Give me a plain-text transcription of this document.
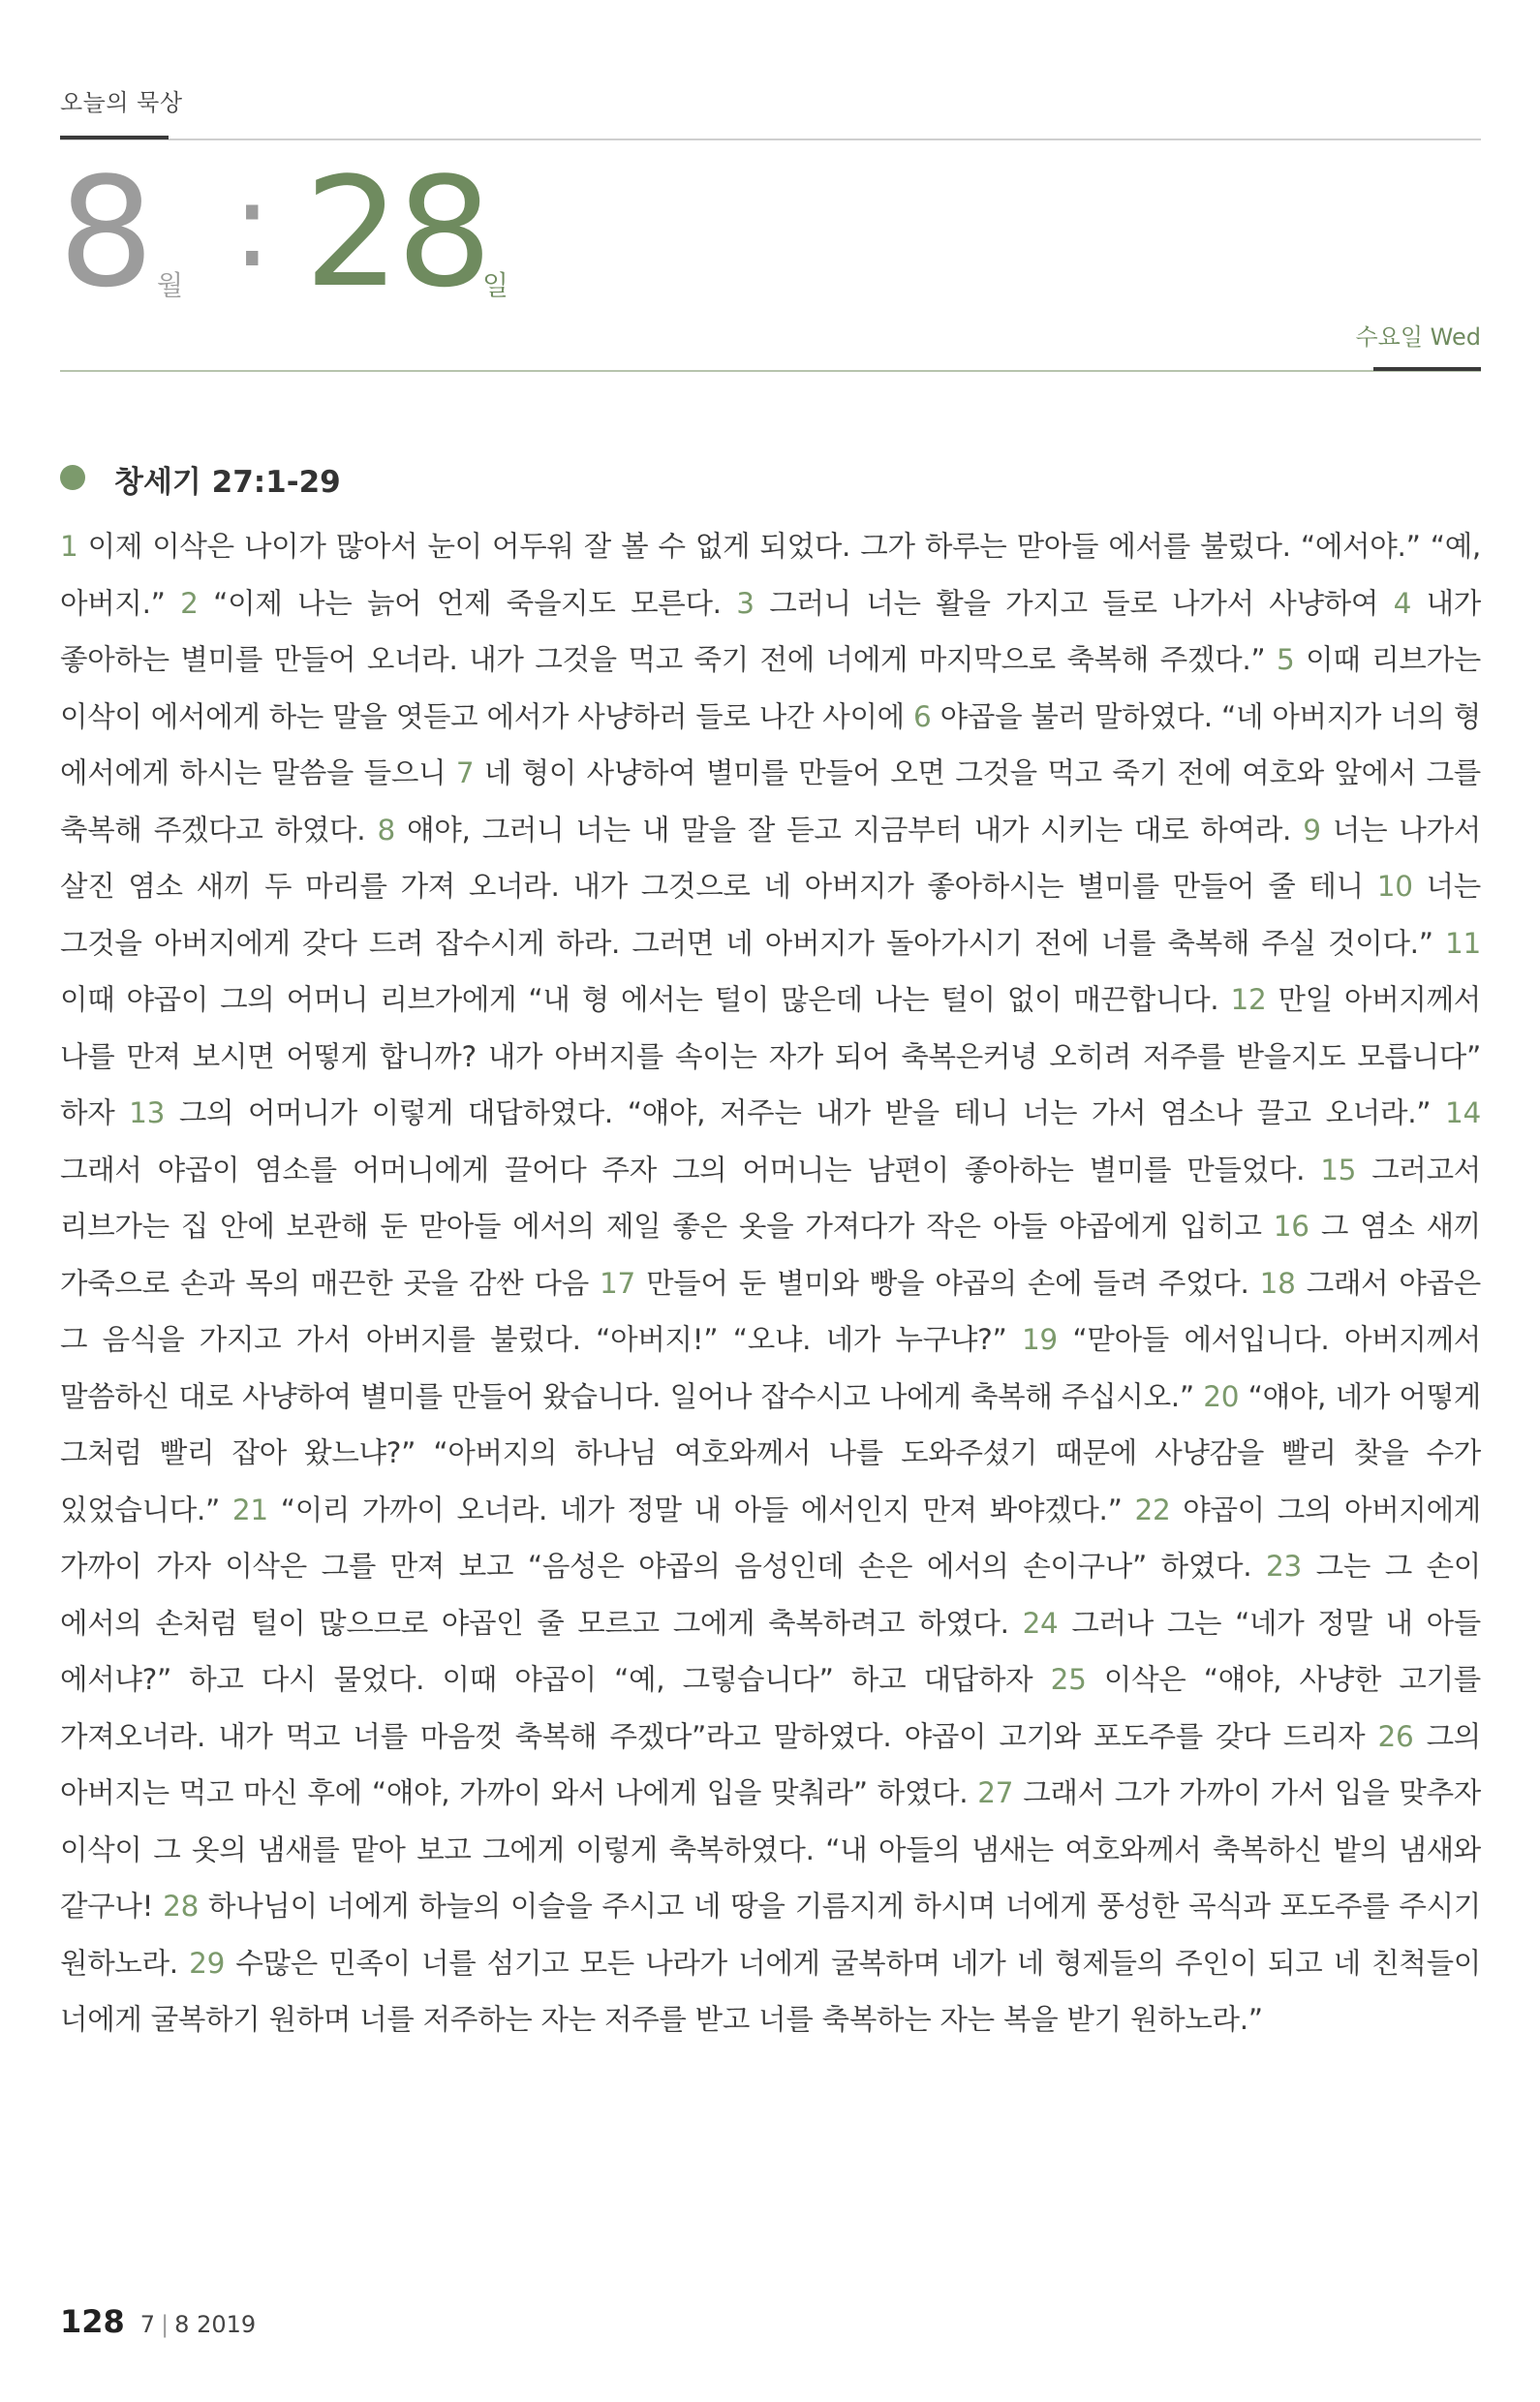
오늘의 묵상
8 월 : 28
일
수요일 Wed
창세기 27:1-29
1 이제 이삭은 나이가 많아서 눈이 어두워 잘 볼 수 없게 되었다. 그가 하루는 맏아들 에서를 불렀다. “에서야.” “예, 아버지.” 2 “이제 나는 늙어 언제 죽을지도 모른다. 3 그러니 너는 활을 가지고 들로 나가서 사냥하여 4 내가 좋아하는 별미를 만들어 오너라. 내가 그것을 먹고 죽기 전에 너에게 마지막으로 축복해 주겠다.” 5 이때 리브가는 이삭이 에서에게 하는 말을 엿듣고 에서가 사냥하러 들로 나간 사이에 6 야곱을 불러 말하였다. “네 아버지가 너의 형 에서에게 하시는 말씀을 들으니 7 네 형이 사냥하여 별미를 만들어 오면 그것을 먹고 죽기 전에 여호와 앞에서 그를 축복해 주겠다고 하였다. 8 얘야, 그러니 너는 내 말을 잘 듣고 지금부터 내가 시키는 대로 하여라. 9 너는 나가서 살진 염소 새끼 두 마리를 가져 오너라. 내가 그것으로 네 아버지가 좋아하시는 별미를 만들어 줄 테니 10 너는 그것을 아버지에게 갖다 드려 잡수시게 하라. 그러면 네 아버지가 돌아가시기 전에 너를 축복해 주실 것이다.” 11 이때 야곱이 그의 어머니 리브가에게 “내 형 에서는 털이 많은데 나는 털이 없이 매끈합니다. 12 만일 아버지께서 나를 만져 보시면 어떻게 합니까? 내가 아버지를 속이는 자가 되어 축복은커녕 오히려 저주를 받을지도 모릅니다” 하자 13 그의 어머니가 이렇게 대답하였다. “얘야, 저주는 내가 받을 테니 너는 가서 염소나 끌고 오너라.” 14 그래서 야곱이 염소를 어머니에게 끌어다 주자 그의 어머니는 남편이 좋아하는 별미를 만들었다. 15 그러고서 리브가는 집 안에 보관해 둔 맏아들 에서의 제일 좋은 옷을 가져다가 작은 아들 야곱에게 입히고 16 그 염소 새끼 가죽으로 손과 목의 매끈한 곳을 감싼 다음 17 만들어 둔 별미와 빵을 야곱의 손에 들려 주었다. 18 그래서 야곱은 그 음식을 가지고 가서 아버지를 불렀다. “아버지!” “오냐. 네가 누구냐?” 19 “맏아들 에서입니다. 아버지께서 말씀하신 대로 사냥하여 별미를 만들어 왔습니다. 일어나 잡수시고 나에게 축복해 주십시오.” 20 “얘야, 네가 어떻게 그처럼 빨리 잡아 왔느냐?” “아버지의 하나님 여호와께서 나를 도와주셨기 때문에 사냥감을 빨리 찾을 수가 있었습니다.” 21 “이리 가까이 오너라. 네가 정말 내 아들 에서인지 만져 봐야겠다.” 22 야곱이 그의 아버지에게 가까이 가자 이삭은 그를 만져 보고 “음성은 야곱의 음성인데 손은 에서의 손이구나” 하였다. 23 그는 그 손이 에서의 손처럼 털이 많으므로 야곱인 줄 모르고 그에게 축복하려고 하였다. 24 그러나 그는 “네가 정말 내 아들 에서냐?” 하고 다시 물었다. 이때 야곱이 “예, 그렇습니다” 하고 대답하자 25 이삭은 “얘야, 사냥한 고기를 가져오너라. 내가 먹고 너를 마음껏 축복해 주겠다”라고 말하였다. 야곱이 고기와 포도주를 갖다 드리자 26 그의 아버지는 먹고 마신 후에 “얘야, 가까이 와서 나에게 입을 맞춰라” 하였다. 27 그래서 그가 가까이 가서 입을 맞추자 이삭이 그 옷의 냄새를 맡아 보고 그에게 이렇게 축복하였다. “내 아들의 냄새는 여호와께서 축복하신 밭의 냄새와 같구나! 28 하나님이 너에게 하늘의 이슬을 주시고 네 땅을 기름지게 하시며 너에게 풍성한 곡식과 포도주를 주시기 원하노라. 29 수많은 민족이 너를 섬기고 모든 나라가 너에게 굴복하며 네가 네 형제들의 주인이 되고 네 친척들이 너에게 굴복하기 원하며 너를 저주하는 자는 저주를 받고 너를 축복하는 자는 복을 받기 원하노라.”
128 7 | 8 2019
